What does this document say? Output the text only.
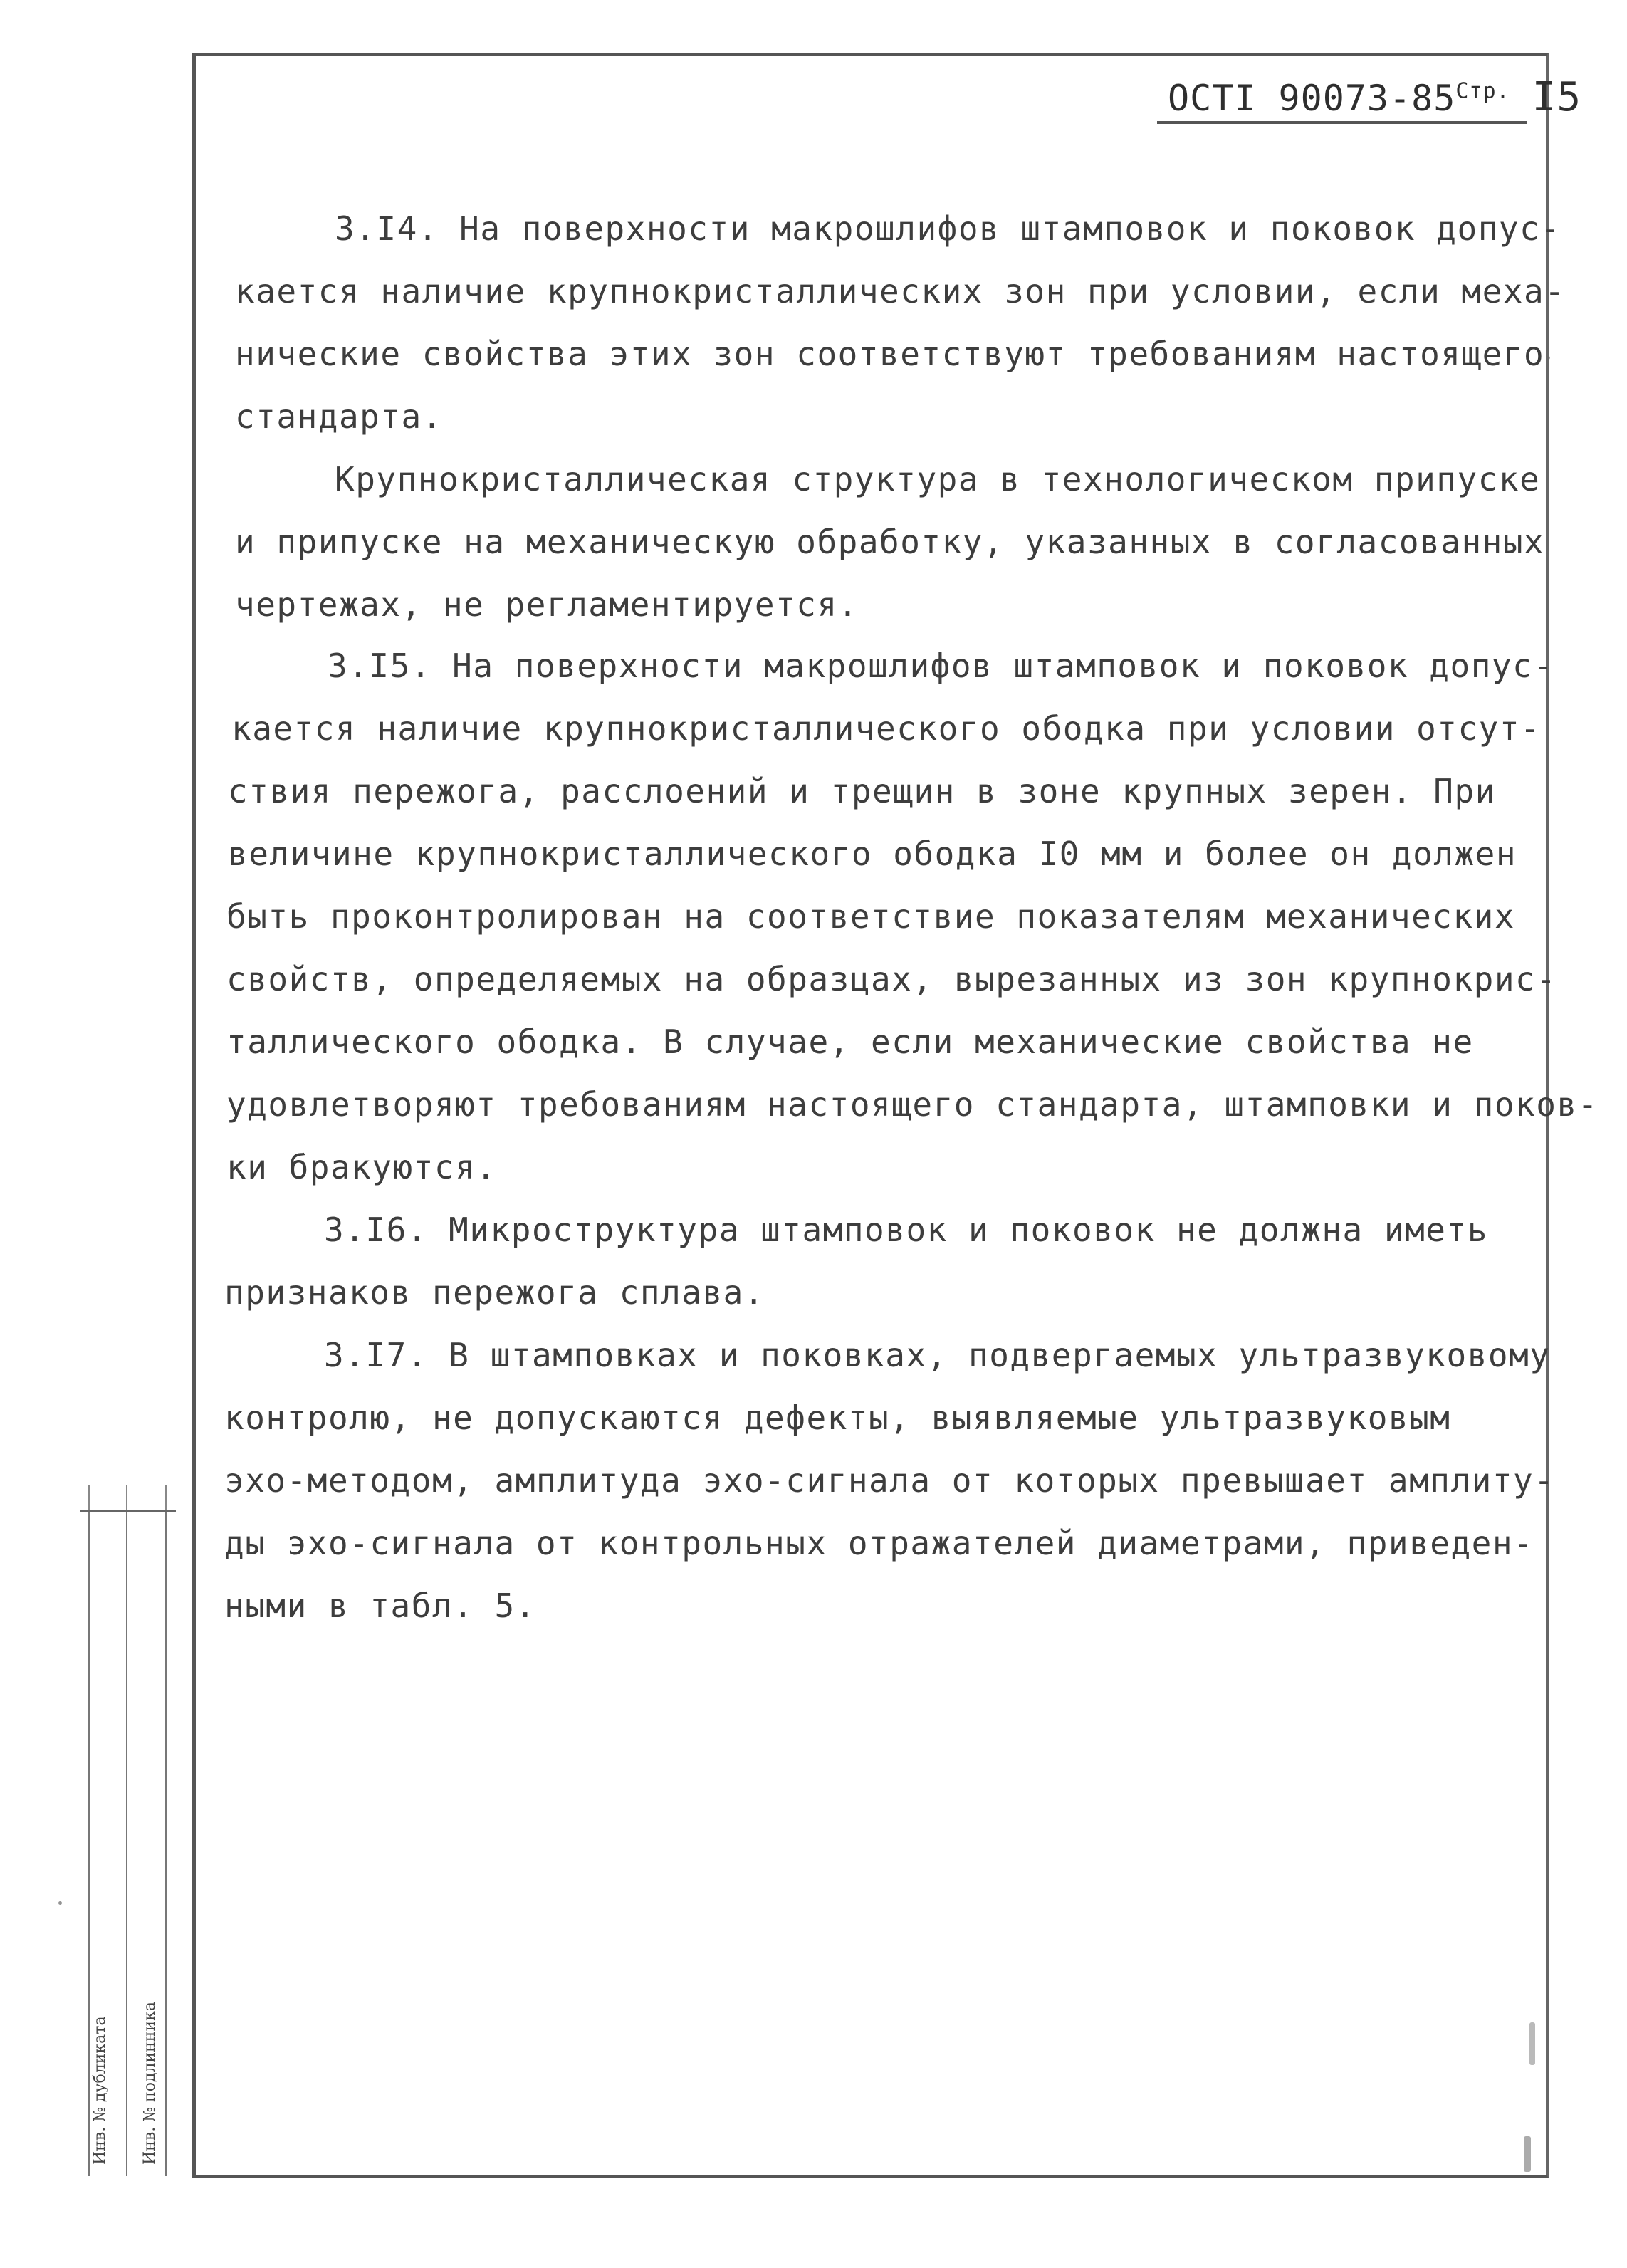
ОСТI $90073-85^{Стр.}$ I5
3.I4. На поверхности макрошлифов штамповок и поковок допус-
кается наличие крупнокристаллических зон при условии, если меха-
нические свойства этих зон соответствуют требованиям настоящего
стандарта.
Крупнокристаллическая структура в технологическом припуске
и припуске на механическую обработку, указанных в согласованных
чертежах, не регламентируется.
3.I5. На поверхности макрошлифов штамповок и поковок допус-
кается наличие крупнокристаллического ободка при условии отсут-
ствия пережога, расслоений и трещин в зоне крупных зерен. При
величине крупнокристаллического ободка I0 мм и более он должен
быть проконтролирован на соответствие показателям механических
свойств, определяемых на образцах, вырезанных из зон крупнокрис-
таллического ободка. В случае, если механические свойства не
удовлетворяют требованиям настоящего стандарта, штамповки и поков-
ки бракуются.
3.I6. Микроструктура штамповок и поковок не должна иметь
признаков пережога сплава.
3.I7. В штамповках и поковках, подвергаемых ультразвуковому
контролю, не допускаются дефекты, выявляемые ультразвуковым
эхо-методом, амплитуда эхо-сигнала от которых превышает амплиту-
ды эхо-сигнала от контрольных отражателей диаметрами, приведен-
ными в табл. 5.
Инв. № дубликата Инв. № подлинника
